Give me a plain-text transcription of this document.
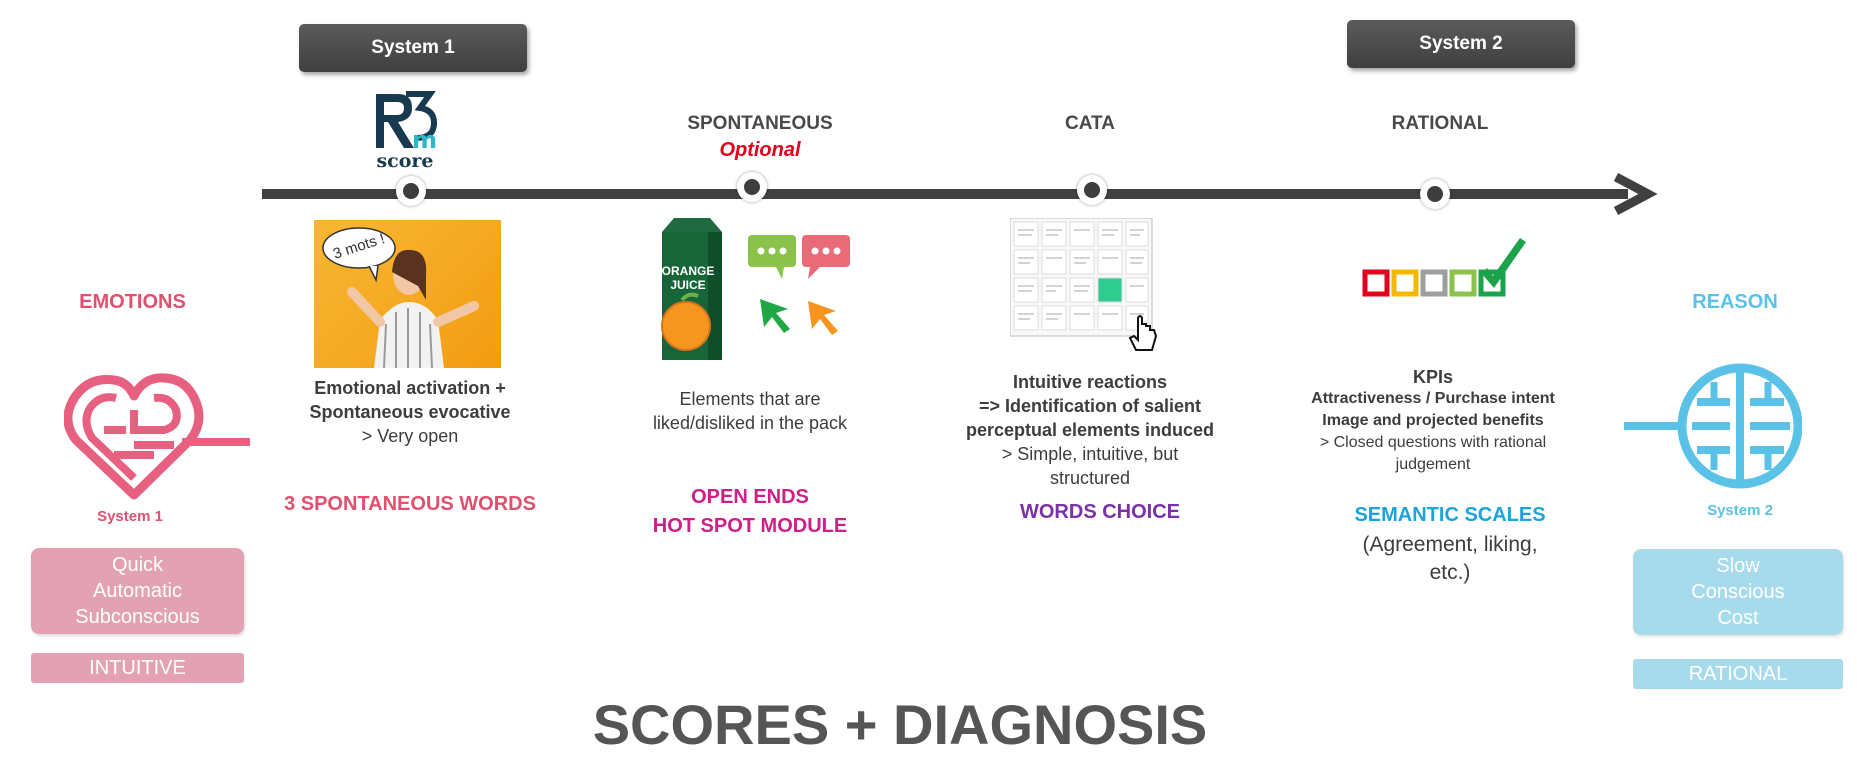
System 1	System 2
m
score
SPONTANEOUS
Optional
CATA	RATIONAL
EMOTIONS
System 1
Quick
Automatic
Subconscious
INTUITIVE
REASON
System 2
Slow
Conscious
Cost
RATIONAL
3 mots !
Emotional activation +
Spontaneous evocative
> Very open
3 SPONTANEOUS WORDS
ORANGE
JUICE
Elements that are
liked/disliked in the pack
OPEN ENDS
HOT SPOT MODULE
Intuitive reactions
=> Identification of salient
perceptual elements induced
> Simple, intuitive, but
structured
WORDS CHOICE
KPIs
Attractiveness / Purchase intent
Image and projected benefits
> Closed questions with rational
judgement
SEMANTIC SCALES
(Agreement, liking,
etc.)
SCORES + DIAGNOSIS
